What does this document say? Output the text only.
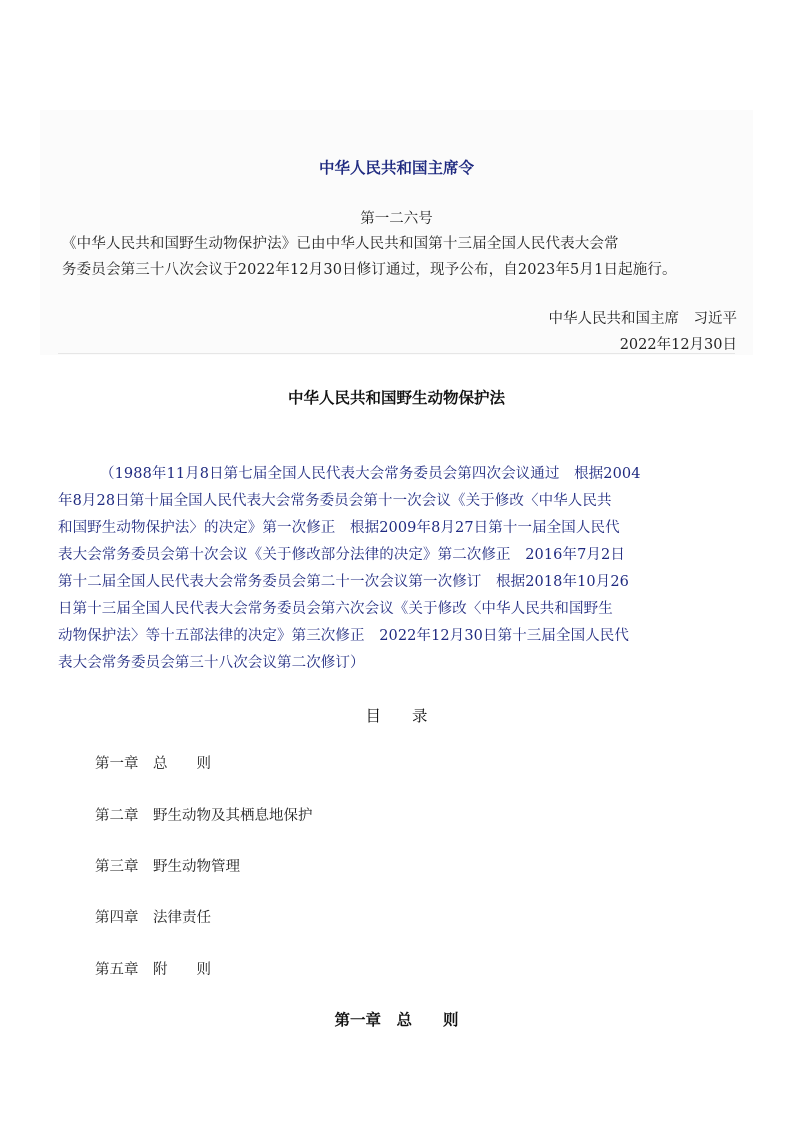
中华人民共和国主席令

第一二六号

《中华人民共和国野生动物保护法》已由中华人民共和国第十三届全国人民代表大会常

务委员会第三十八次会议于2022年12月30日修订通过，现予公布，自2023年5月1日起施行。

中华人民共和国主席　习近平

2022年12月30日

中华人民共和国野生动物保护法

（1988年11月8日第七届全国人民代表大会常务委员会第四次会议通过　根据2004

年8月28日第十届全国人民代表大会常务委员会第十一次会议《关于修改〈中华人民共

和国野生动物保护法〉的决定》第一次修正　根据2009年8月27日第十一届全国人民代

表大会常务委员会第十次会议《关于修改部分法律的决定》第二次修正　2016年7月2日

第十二届全国人民代表大会常务委员会第二十一次会议第一次修订　根据2018年10月26

日第十三届全国人民代表大会常务委员会第六次会议《关于修改〈中华人民共和国野生

动物保护法〉等十五部法律的决定》第三次修正　2022年12月30日第十三届全国人民代

表大会常务委员会第三十八次会议第二次修订）

目　　录

第一章　总　　则

第二章　野生动物及其栖息地保护

第三章　野生动物管理

第四章　法律责任

第五章　附　　则

第一章　总　　则
